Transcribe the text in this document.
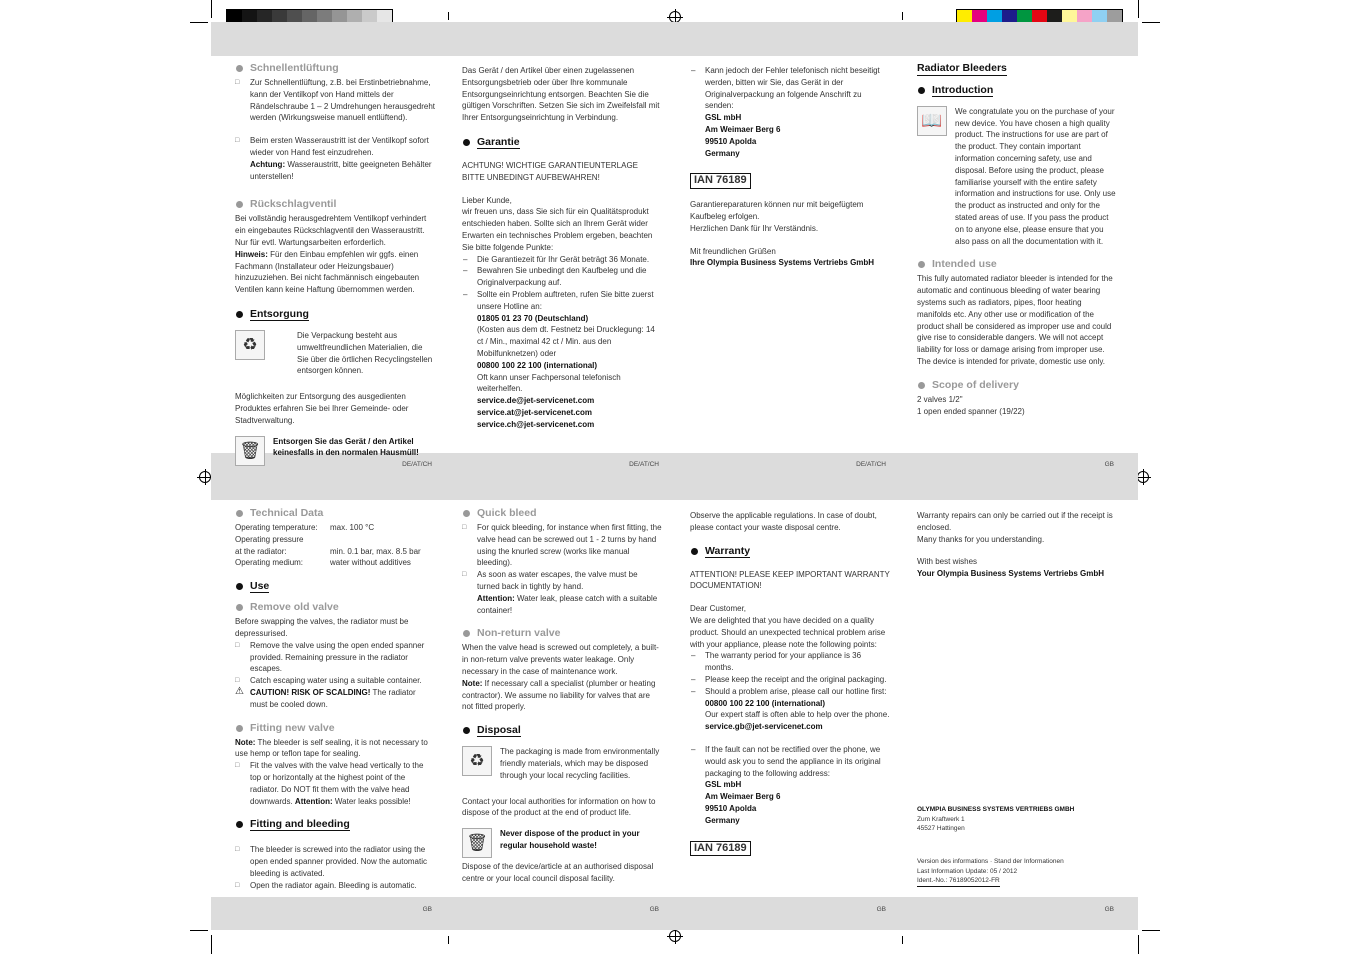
DE/AT/CH	DE/AT/CH	DE/AT/CH	GB
GB	GB	GB	GB
Schnellentlüftung

□ Zur Schnellentlüftung, z.B. bei Erstinbetriebnahme, kann der Ventilkopf von Hand mittels der Rändelschraube 1 – 2 Umdrehungen herausgedreht werden (Wirkungsweise manuell entlüftend).

□ Beim ersten Wasseraustritt ist der Ventilkopf sofort wieder von Hand fest einzudrehen.

Achtung: Wasseraustritt, bitte geeigneten Behälter unterstellen!

Rückschlagventil

Bei vollständig herausgedrehtem Ventilkopf verhindert ein eingebautes Rückschlagventil den Wasseraustritt. Nur für evtl. Wartungsarbeiten erforderlich.

Hinweis: Für den Einbau empfehlen wir ggfs. einen Fachmann (Installateur oder Heizungsbauer) hinzuzuziehen. Bei nicht fachmännisch eingebauten Ventilen kann keine Haftung übernommen werden.

Entsorgung
♻	Die Verpackung besteht aus umweltfreundlichen Materialien, die Sie über die örtlichen Recyclingstellen entsorgen können.

Möglichkeiten zur Entsorgung des ausgedienten Produktes erfahren Sie bei Ihrer Gemeinde- oder Stadtverwaltung.

🗑	Entsorgen Sie das Gerät / den Artikel keinesfalls in den normalen Hausmüll!

Das Gerät / den Artikel über einen zugelassenen Entsorgungsbetrieb oder über Ihre kommunale Entsorgungseinrichtung entsorgen. Beachten Sie die gültigen Vorschriften. Setzen Sie sich im Zweifelsfall mit Ihrer Entsorgungseinrichtung in Verbindung.

Garantie

ACHTUNG! WICHTIGE GARANTIEUNTERLAGE BITTE UNBEDINGT AUFBEWAHREN!

Lieber Kunde,

wir freuen uns, dass Sie sich für ein Qualitätsprodukt entschieden haben. Sollte sich an Ihrem Gerät wider Erwarten ein technisches Problem ergeben, beachten Sie bitte folgende Punkte:

– Die Garantiezeit für Ihr Gerät beträgt 36 Monate.

– Bewahren Sie unbedingt den Kaufbeleg und die Originalverpackung auf.

– Sollte ein Problem auftreten, rufen Sie bitte zuerst unsere Hotline an:

01805 01 23 70 (Deutschland)

(Kosten aus dem dt. Festnetz bei Drucklegung: 14 ct / Min., maximal 42 ct / Min. aus den Mobilfunknetzen) oder

00800 100 22 100 (international)

Oft kann unser Fachpersonal telefonisch weiterhelfen.

service.de@jet-servicenet.com

service.at@jet-servicenet.com

service.ch@jet-servicenet.com

– Kann jedoch der Fehler telefonisch nicht beseitigt werden, bitten wir Sie, das Gerät in der Originalverpackung an folgende Anschrift zu senden:

GSL mbH

Am Weimaer Berg 6

99510 Apolda

Germany

IAN 76189

Garantiereparaturen können nur mit beigefügtem Kaufbeleg erfolgen.

Herzlichen Dank für Ihr Verständnis.

Mit freundlichen Grüßen

Ihre Olympia Business Systems Vertriebs GmbH

Radiator Bleeders
Introduction
📖	We congratulate you on the purchase of your new device. You have chosen a high quality product. The instructions for use are part of the product. They contain important information concerning safety, use and disposal. Before using the product, please familiarise yourself with the entire safety information and instructions for use. Only use the product as instructed and only for the stated areas of use. If you pass the product on to anyone else, please ensure that you also pass on all the documentation with it.

Intended use

This fully automated radiator bleeder is intended for the automatic and continuous bleeding of water bearing systems such as radiators, pipes, floor heating manifolds etc. Any other use or modification of the product shall be considered as improper use and could give rise to considerable dangers. We will not accept liability for loss or damage arising from improper use. The device is intended for private, domestic use only.

Scope of delivery

2 valves 1/2"

1 open ended spanner (19/22)

Technical Data
Operating temperature:	max. 100 °C
Operating pressure	
at the radiator:	min. 0.1 bar, max. 8.5 bar
Operating medium:	water without additives
Use
Remove old valve

Before swapping the valves, the radiator must be depressurised.

□ Remove the valve using the open ended spanner provided. Remaining pressure in the radiator escapes.

□ Catch escaping water using a suitable container.

⚠ CAUTION! RISK OF SCALDING! The radiator must be cooled down.

Fitting new valve

Note: The bleeder is self sealing, it is not necessary to use hemp or teflon tape for sealing.

□ Fit the valves with the valve head vertically to the top or horizontally at the highest point of the radiator. Do NOT fit them with the valve head downwards. Attention: Water leaks possible!

Fitting and bleeding

□ The bleeder is screwed into the radiator using the open ended spanner provided. Now the automatic bleeding is activated.

□ Open the radiator again. Bleeding is automatic.

Quick bleed

□ For quick bleeding, for instance when first fitting, the valve head can be screwed out 1 - 2 turns by hand using the knurled screw (works like manual bleeding).

□ As soon as water escapes, the valve must be turned back in tightly by hand.

Attention: Water leak, please catch with a suitable container!

Non-return valve

When the valve head is screwed out completely, a built-in non-return valve prevents water leakage. Only necessary in the case of maintenance work.

Note: If necessary call a specialist (plumber or heating contractor). We assume no liability for valves that are not fitted properly.

Disposal
♻	The packaging is made from environmentally friendly materials, which may be disposed through your local recycling facilities.

Contact your local authorities for information on how to dispose of the product at the end of product life.

🗑	Never dispose of the product in your regular household waste!

Dispose of the device/article at an authorised disposal centre or your local council disposal facility.

Observe the applicable regulations. In case of doubt, please contact your waste disposal centre.

Warranty

ATTENTION! PLEASE KEEP IMPORTANT WARRANTY DOCUMENTATION!

Dear Customer,

We are delighted that you have decided on a quality product. Should an unexpected technical problem arise with your appliance, please note the following points:

– The warranty period for your appliance is 36 months.

– Please keep the receipt and the original packaging.

– Should a problem arise, please call our hotline first:

00800 100 22 100 (international)

Our expert staff is often able to help over the phone.

service.gb@jet-servicenet.com

– If the fault can not be rectified over the phone, we would ask you to send the appliance in its original packaging to the following address:

GSL mbH

Am Weimaer Berg 6

99510 Apolda

Germany

IAN 76189

Warranty repairs can only be carried out if the receipt is enclosed.

Many thanks for you understanding.

With best wishes

Your Olympia Business Systems Vertriebs GmbH

OLYMPIA BUSINESS SYSTEMS VERTRIEBS GMBH

Zum Kraftwerk 1

45527 Hattingen

Version des informations · Stand der Informationen

Last Information Update: 05 / 2012

Ident.-No.: 76189052012-FR
